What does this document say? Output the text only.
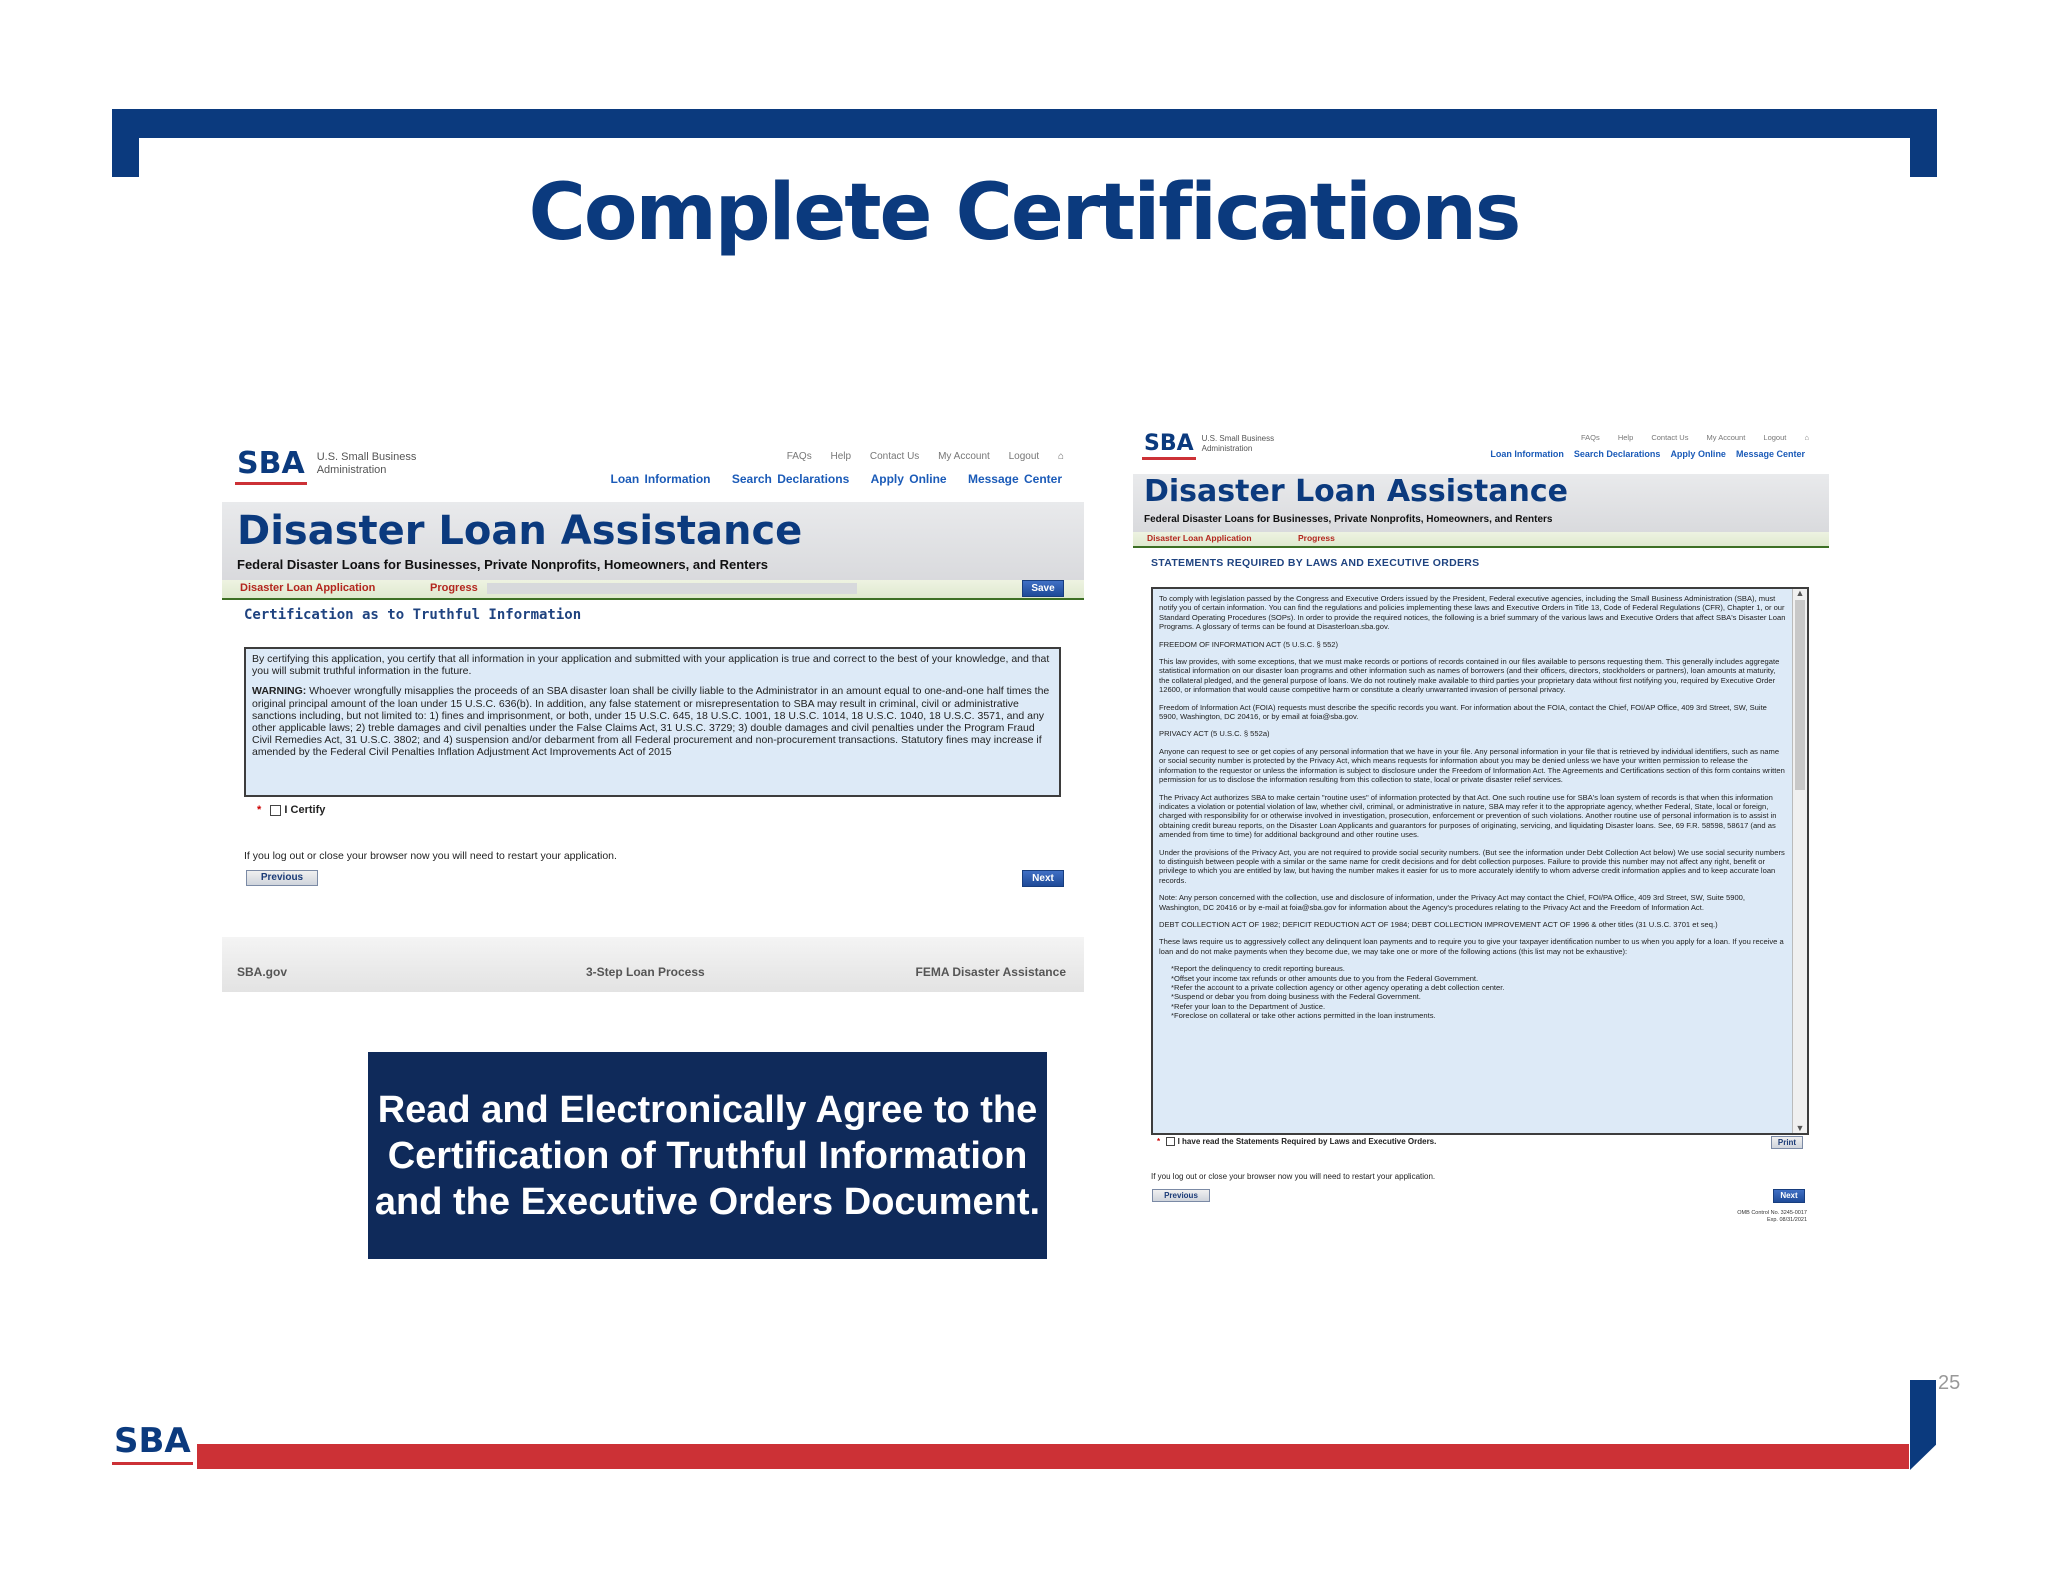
Complete Certifications
SBA U.S. Small Business
Administration
FAQs Help Contact Us My Account Logout ⌂
Loan Information Search Declarations Apply Online Message Center
Disaster Loan Assistance

Federal Disaster Loans for Businesses, Private Nonprofits, Homeowners, and Renters

Disaster Loan Application	Progress	Save
Certification as to Truthful Information
By certifying this application, you certify that all information in your application and submitted with your application is true and correct to the best of your knowledge, and that you will submit truthful information in the future.
WARNING: Whoever wrongfully misapplies the proceeds of an SBA disaster loan shall be civilly liable to the Administrator in an amount equal to one-and-one half times the original principal amount of the loan under 15 U.S.C. 636(b). In addition, any false statement or misrepresentation to SBA may result in criminal, civil or administrative sanctions including, but not limited to: 1) fines and imprisonment, or both, under 15 U.S.C. 645, 18 U.S.C. 1001, 18 U.S.C. 1014, 18 U.S.C. 1040, 18 U.S.C. 3571, and any other applicable laws; 2) treble damages and civil penalties under the False Claims Act, 31 U.S.C. 3729; 3) double damages and civil penalties under the Program Fraud Civil Remedies Act, 31 U.S.C. 3802; and 4) suspension and/or debarment from all Federal procurement and non-procurement transactions. Statutory fines may increase if amended by the Federal Civil Penalties Inflation Adjustment Act Improvements Act of 2015
* I Certify
If you log out or close your browser now you will need to restart your application.
Previous	Next
SBA.gov	3-Step Loan Process	FEMA Disaster Assistance
SBA U.S. Small Business
Administration
FAQs Help Contact Us My Account Logout ⌂
Loan Information Search Declarations Apply Online Message Center
Disaster Loan Assistance

Federal Disaster Loans for Businesses, Private Nonprofits, Homeowners, and Renters

Disaster Loan Application	Progress
STATEMENTS REQUIRED BY LAWS AND EXECUTIVE ORDERS

To comply with legislation passed by the Congress and Executive Orders issued by the President, Federal executive agencies, including the Small Business Administration (SBA), must notify you of certain information. You can find the regulations and policies implementing these laws and Executive Orders in Title 13, Code of Federal Regulations (CFR), Chapter 1, or our Standard Operating Procedures (SOPs). In order to provide the required notices, the following is a brief summary of the various laws and Executive Orders that affect SBA's Disaster Loan Programs. A glossary of terms can be found at Disasterloan.sba.gov.

FREEDOM OF INFORMATION ACT (5 U.S.C. § 552)

This law provides, with some exceptions, that we must make records or portions of records contained in our files available to persons requesting them. This generally includes aggregate statistical information on our disaster loan programs and other information such as names of borrowers (and their officers, directors, stockholders or partners), loan amounts at maturity, the collateral pledged, and the general purpose of loans. We do not routinely make available to third parties your proprietary data without first notifying you, required by Executive Order 12600, or information that would cause competitive harm or constitute a clearly unwarranted invasion of personal privacy.

Freedom of Information Act (FOIA) requests must describe the specific records you want. For information about the FOIA, contact the Chief, FOI/AP Office, 409 3rd Street, SW, Suite 5900, Washington, DC 20416, or by email at foia@sba.gov.

PRIVACY ACT (5 U.S.C. § 552a)

Anyone can request to see or get copies of any personal information that we have in your file. Any personal information in your file that is retrieved by individual identifiers, such as name or social security number is protected by the Privacy Act, which means requests for information about you may be denied unless we have your written permission to release the information to the requestor or unless the information is subject to disclosure under the Freedom of Information Act. The Agreements and Certifications section of this form contains written permission for us to disclose the information resulting from this collection to state, local or private disaster relief services.

The Privacy Act authorizes SBA to make certain "routine uses" of information protected by that Act. One such routine use for SBA's loan system of records is that when this information indicates a violation or potential violation of law, whether civil, criminal, or administrative in nature, SBA may refer it to the appropriate agency, whether Federal, State, local or foreign, charged with responsibility for or otherwise involved in investigation, prosecution, enforcement or prevention of such violations. Another routine use of personal information is to assist in obtaining credit bureau reports, on the Disaster Loan Applicants and guarantors for purposes of originating, servicing, and liquidating Disaster loans. See, 69 F.R. 58598, 58617 (and as amended from time to time) for additional background and other routine uses.

Under the provisions of the Privacy Act, you are not required to provide social security numbers. (But see the information under Debt Collection Act below) We use social security numbers to distinguish between people with a similar or the same name for credit decisions and for debt collection purposes. Failure to provide this number may not affect any right, benefit or privilege to which you are entitled by law, but having the number makes it easier for us to more accurately identify to whom adverse credit information applies and to keep accurate loan records.

Note: Any person concerned with the collection, use and disclosure of information, under the Privacy Act may contact the Chief, FOI/PA Office, 409 3rd Street, SW, Suite 5900, Washington, DC 20416 or by e-mail at foia@sba.gov for information about the Agency's procedures relating to the Privacy Act and the Freedom of Information Act.

DEBT COLLECTION ACT OF 1982; DEFICIT REDUCTION ACT OF 1984; DEBT COLLECTION IMPROVEMENT ACT OF 1996 & other titles (31 U.S.C. 3701 et seq.)

These laws require us to aggressively collect any delinquent loan payments and to require you to give your taxpayer identification number to us when you apply for a loan. If you receive a loan and do not make payments when they become due, we may take one or more of the following actions (this list may not be exhaustive):

*Report the delinquency to credit reporting bureaus.
*Offset your income tax refunds or other amounts due to you from the Federal Government.
*Refer the account to a private collection agency or other agency operating a debt collection center.
*Suspend or debar you from doing business with the Federal Government.
*Refer your loan to the Department of Justice.
*Foreclose on collateral or take other actions permitted in the loan instruments.
▲
▼
* I have read the Statements Required by Laws and Executive Orders.	Print
If you log out or close your browser now you will need to restart your application.
Previous	Next
OMB Control No. 3245-0017
Exp. 08/31/2021
Read and Electronically Agree to the Certification of Truthful Information and the Executive Orders Document.
25
SBA
